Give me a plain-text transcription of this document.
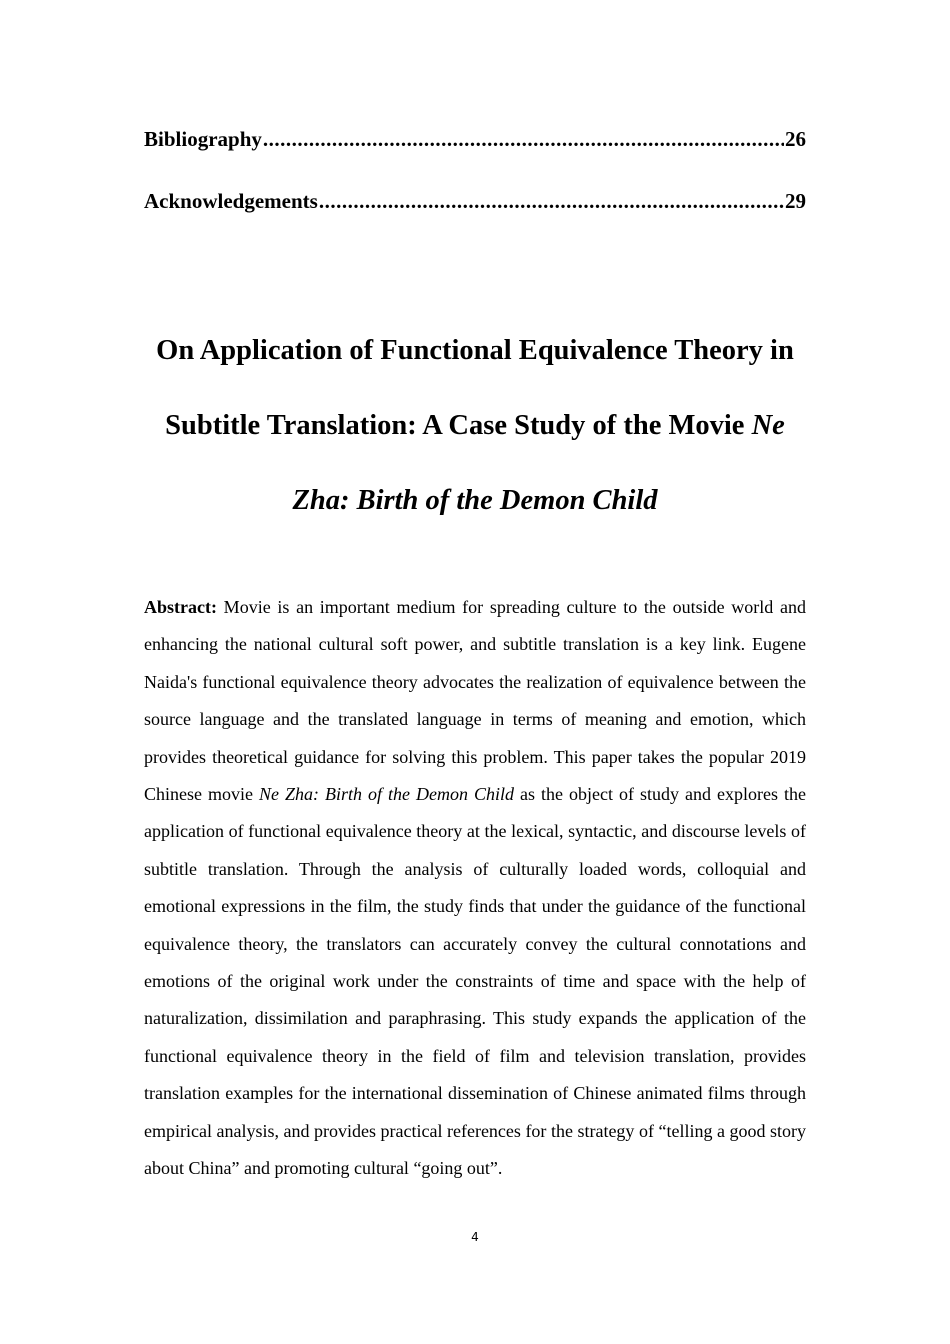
Bibliography .....	26
Acknowledgements .....	29
On Application of Functional Equivalence Theory in
Subtitle Translation: A Case Study of the Movie Ne
Zha: Birth of the Demon Child
Abstract: Movie is an important medium for spreading culture to the outside world and enhancing the national cultural soft power, and subtitle translation is a key link. Eugene Naida's functional equivalence theory advocates the realization of equivalence between the source language and the translated language in terms of meaning and emotion, which provides theoretical guidance for solving this problem. This paper takes the popular 2019 Chinese movie Ne Zha: Birth of the Demon Child as the object of study and explores the application of functional equivalence theory at the lexical, syntactic, and discourse levels of subtitle translation. Through the analysis of culturally loaded words, colloquial and emotional expressions in the film, the study finds that under the guidance of the functional equivalence theory, the translators can accurately convey the cultural connotations and emotions of the original work under the constraints of time and space with the help of naturalization, dissimilation and paraphrasing. This study expands the application of the functional equivalence theory in the field of film and television translation, provides translation examples for the international dissemination of Chinese animated films through empirical analysis, and provides practical references for the strategy of “telling a good story about China” and promoting cultural “going out”.
4
